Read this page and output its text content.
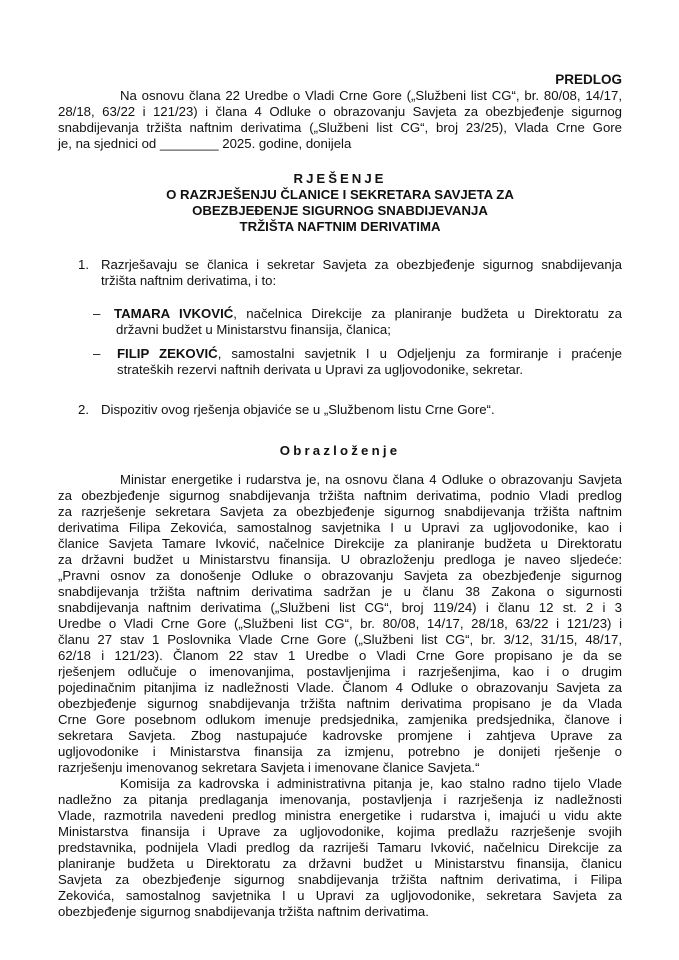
PREDLOG
Na osnovu člana 22 Uredbe o Vladi Crne Gore („Službeni list CG“, br. 80/08, 14/17,
28/18, 63/22 i 121/23) i člana 4 Odluke o obrazovanju Savjeta za obezbjeđenje sigurnog
snabdijevanja tržišta naftnim derivatima („Službeni list CG“, broj 23/25), Vlada Crne Gore
je, na sjednici od ________ 2025. godine, donijela
RJEŠENJE
O RAZRJEŠENJU ČLANICE I SEKRETARA SAVJETA ZA
OBEZBJEĐENJE SIGURNOG SNABDIJEVANJA
TRŽIŠTA NAFTNIM DERIVATIMA
1. Razrješavaju se članica i sekretar Savjeta za obezbjeđenje sigurnog snabdijevanja
tržišta naftnim derivatima, i to:
– TAMARA IVKOVIĆ, načelnica Direkcije za planiranje budžeta u Direktoratu za
državni budžet u Ministarstvu finansija, članica;
– FILIP ZEKOVIĆ, samostalni savjetnik I u Odjeljenju za formiranje i praćenje
strateških rezervi naftnih derivata u Upravi za ugljovodonike, sekretar.
2. Dispozitiv ovog rješenja objaviće se u „Službenom listu Crne Gore“.
Obrazloženje
Ministar energetike i rudarstva je, na osnovu člana 4 Odluke o obrazovanju Savjeta
za obezbjeđenje sigurnog snabdijevanja tržišta naftnim derivatima, podnio Vladi predlog
za razrješenje sekretara Savjeta za obezbjeđenje sigurnog snabdijevanja tržišta naftnim
derivatima Filipa Zekovića, samostalnog savjetnika I u Upravi za ugljovodonike, kao i
članice Savjeta Tamare Ivković, načelnice Direkcije za planiranje budžeta u Direktoratu
za državni budžet u Ministarstvu finansija. U obrazloženju predloga je naveo sljedeće:
„Pravni osnov za donošenje Odluke o obrazovanju Savjeta za obezbjeđenje sigurnog
snabdijevanja tržišta naftnim derivatima sadržan je u članu 38 Zakona o sigurnosti
snabdijevanja naftnim derivatima („Službeni list CG“, broj 119/24) i članu 12 st. 2 i 3
Uredbe o Vladi Crne Gore („Službeni list CG“, br. 80/08, 14/17, 28/18, 63/22 i 121/23) i
članu 27 stav 1 Poslovnika Vlade Crne Gore („Službeni list CG“, br. 3/12, 31/15, 48/17,
62/18 i 121/23). Članom 22 stav 1 Uredbe o Vladi Crne Gore propisano je da se
rješenjem odlučuje o imenovanjima, postavljenjima i razrješenjima, kao i o drugim
pojedinačnim pitanjima iz nadležnosti Vlade. Članom 4 Odluke o obrazovanju Savjeta za
obezbjeđenje sigurnog snabdijevanja tržišta naftnim derivatima propisano je da Vlada
Crne Gore posebnom odlukom imenuje predsjednika, zamjenika predsjednika, članove i
sekretara Savjeta. Zbog nastupajuće kadrovske promjene i zahtjeva Uprave za
ugljovodonike i Ministarstva finansija za izmjenu, potrebno je donijeti rješenje o
razrješenju imenovanog sekretara Savjeta i imenovane članice Savjeta.“
Komisija za kadrovska i administrativna pitanja je, kao stalno radno tijelo Vlade
nadležno za pitanja predlaganja imenovanja, postavljenja i razrješenja iz nadležnosti
Vlade, razmotrila navedeni predlog ministra energetike i rudarstva i, imajući u vidu akte
Ministarstva finansija i Uprave za ugljovodonike, kojima predlažu razrješenje svojih
predstavnika, podnijela Vladi predlog da razriješi Tamaru Ivković, načelnicu Direkcije za
planiranje budžeta u Direktoratu za državni budžet u Ministarstvu finansija, članicu
Savjeta za obezbjeđenje sigurnog snabdijevanja tržišta naftnim derivatima, i Filipa
Zekovića, samostalnog savjetnika I u Upravi za ugljovodonike, sekretara Savjeta za
obezbjeđenje sigurnog snabdijevanja tržišta naftnim derivatima.
